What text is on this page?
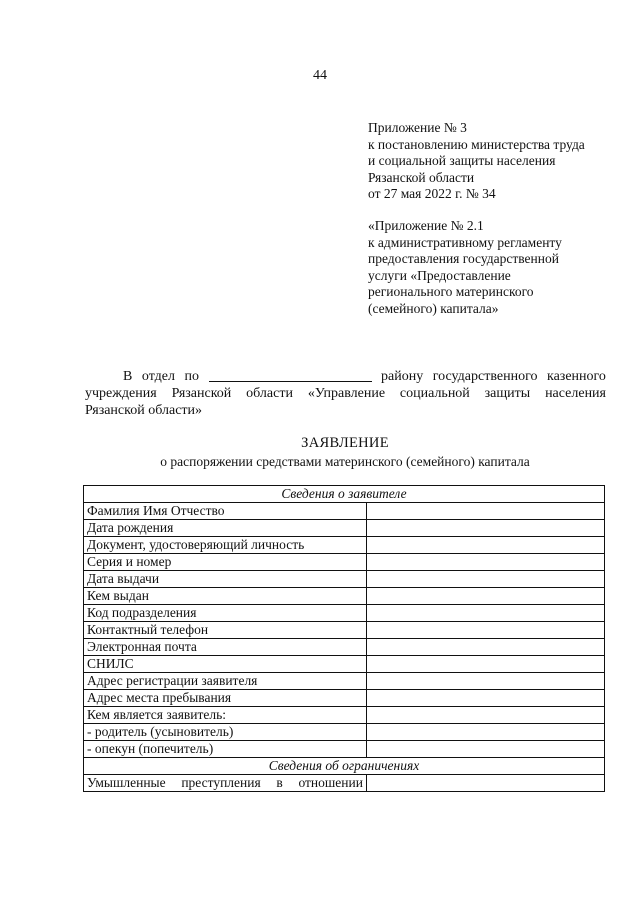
44
Приложение № 3
к постановлению министерства труда
и социальной защиты населения
Рязанской области
от 27 мая 2022 г. № 34
«Приложение № 2.1
к административному регламенту
предоставления государственной
услуги «Предоставление
регионального материнского
(семейного) капитала»
В отдел по	району государственного казенного
учреждения Рязанской области «Управление социальной защиты населения
Рязанской области»
ЗАЯВЛЕНИЕ
о распоряжении средствами материнского (семейного) капитала
Сведения о заявителе	
Фамилия Имя Отчество	
Дата рождения	
Документ, удостоверяющий личность	
Серия и номер	
Дата выдачи	
Кем выдан	
Код подразделения	
Контактный телефон	
Электронная почта	
СНИЛС	
Адрес регистрации заявителя	
Адрес места пребывания	
Кем является заявитель:	
- родитель (усыновитель)	
- опекун (попечитель)	
Сведения об ограничениях	

Умышленные преступления в отношении	
